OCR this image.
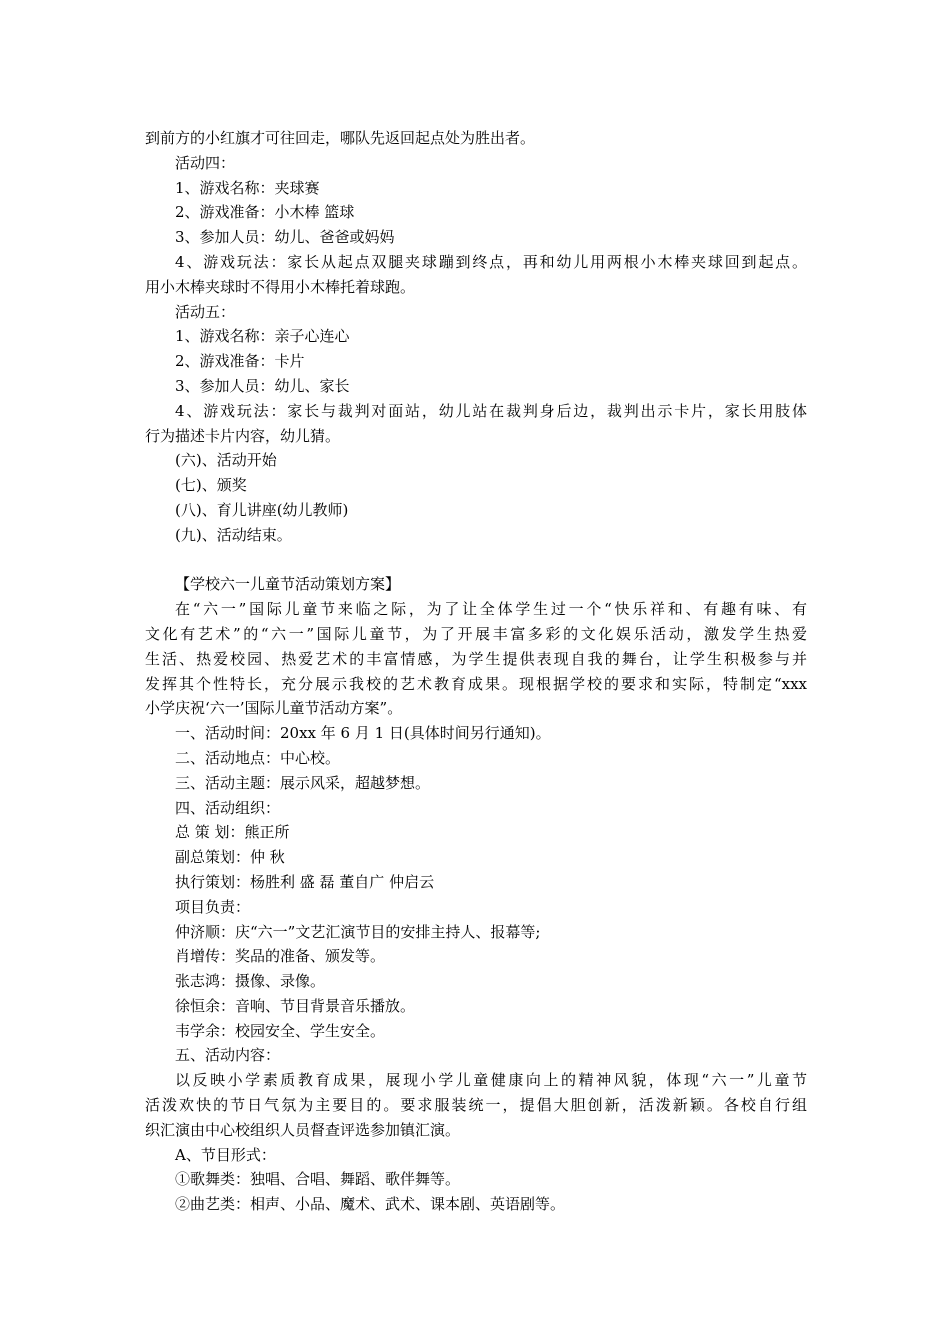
到前方的小红旗才可往回走，哪队先返回起点处为胜出者。
活动四：
1、游戏名称：夹球赛
2、游戏准备：小木棒 篮球
3、参加人员：幼儿、爸爸或妈妈
4、游戏玩法：家长从起点双腿夹球蹦到终点，再和幼儿用两根小木棒夹球回到起点。
用小木棒夹球时不得用小木棒托着球跑。
活动五：
1、游戏名称：亲子心连心
2、游戏准备：卡片
3、参加人员：幼儿、家长
4、游戏玩法：家长与裁判对面站，幼儿站在裁判身后边，裁判出示卡片，家长用肢体
行为描述卡片内容，幼儿猜。
(六)、活动开始
(七)、颁奖
(八)、育儿讲座(幼儿教师)
(九)、活动结束。
【学校六一儿童节活动策划方案】
在“六一”国际儿童节来临之际，为了让全体学生过一个“快乐祥和、有趣有味、有
文化有艺术”的“六一”国际儿童节，为了开展丰富多彩的文化娱乐活动，激发学生热爱
生活、热爱校园、热爱艺术的丰富情感，为学生提供表现自我的舞台，让学生积极参与并
发挥其个性特长，充分展示我校的艺术教育成果。现根据学校的要求和实际，特制定“xxx
小学庆祝‘六一’国际儿童节活动方案”。
一、活动时间：20xx 年 6 月 1 日(具体时间另行通知)。
二、活动地点：中心校。
三、活动主题：展示风采，超越梦想。
四、活动组织：
总 策 划：熊正所
副总策划：仲 秋
执行策划：杨胜利 盛 磊 董自广 仲启云
项目负责：
仲济顺：庆“六一”文艺汇演节目的安排主持人、报幕等;
肖增传：奖品的准备、颁发等。
张志鸿：摄像、录像。
徐恒余：音响、节目背景音乐播放。
韦学余：校园安全、学生安全。
五、活动内容：
以反映小学素质教育成果，展现小学儿童健康向上的精神风貌，体现“六一”儿童节
活泼欢快的节日气氛为主要目的。要求服装统一，提倡大胆创新，活泼新颖。各校自行组
织汇演由中心校组织人员督查评选参加镇汇演。
A、节目形式：
①歌舞类：独唱、合唱、舞蹈、歌伴舞等。
②曲艺类：相声、小品、魔术、武术、课本剧、英语剧等。
